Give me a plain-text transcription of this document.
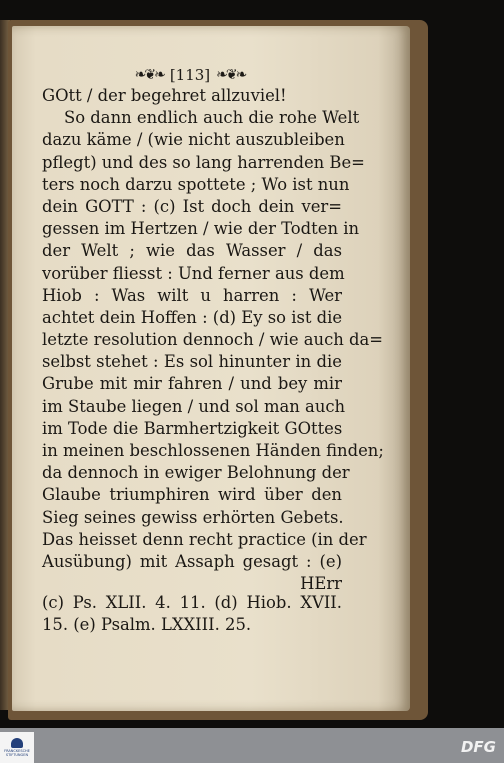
❧❦❧ [113] ❧❦❧
GOtt / der begehret allzuviel!
So dann endlich auch die rohe Welt
dazu käme / (wie nicht auszubleiben
pflegt) und des so lang harrenden Be=
ters noch darzu spottete ; Wo ist nun
dein GOTT : (c) Ist doch dein ver=
gessen im Hertzen / wie der Todten in
der Welt ; wie das Wasser / das
vorüber fliesst : Und ferner aus dem
Hiob : Was wilt u harren : Wer
achtet dein Hoffen : (d) Ey so ist die
letzte resolution dennoch / wie auch da=
selbst stehet : Es sol hinunter in die
Grube mit mir fahren / und bey mir
im Staube liegen / und sol man auch
im Tode die Barmhertzigkeit GOttes
in meinen beschlossenen Händen finden;
da dennoch in ewiger Belohnung der
Glaube triumphiren wird über den
Sieg seines gewiss erhörten Gebets.
Das heisset denn recht practice (in der
Ausübung) mit Assaph gesagt : (e)
HErr
(c) Ps. XLII. 4. 11. (d) Hiob. XVII.
15. (e) Psalm. LXXIII. 25.
FRANCKESCHE STIFTUNGEN	DFG
